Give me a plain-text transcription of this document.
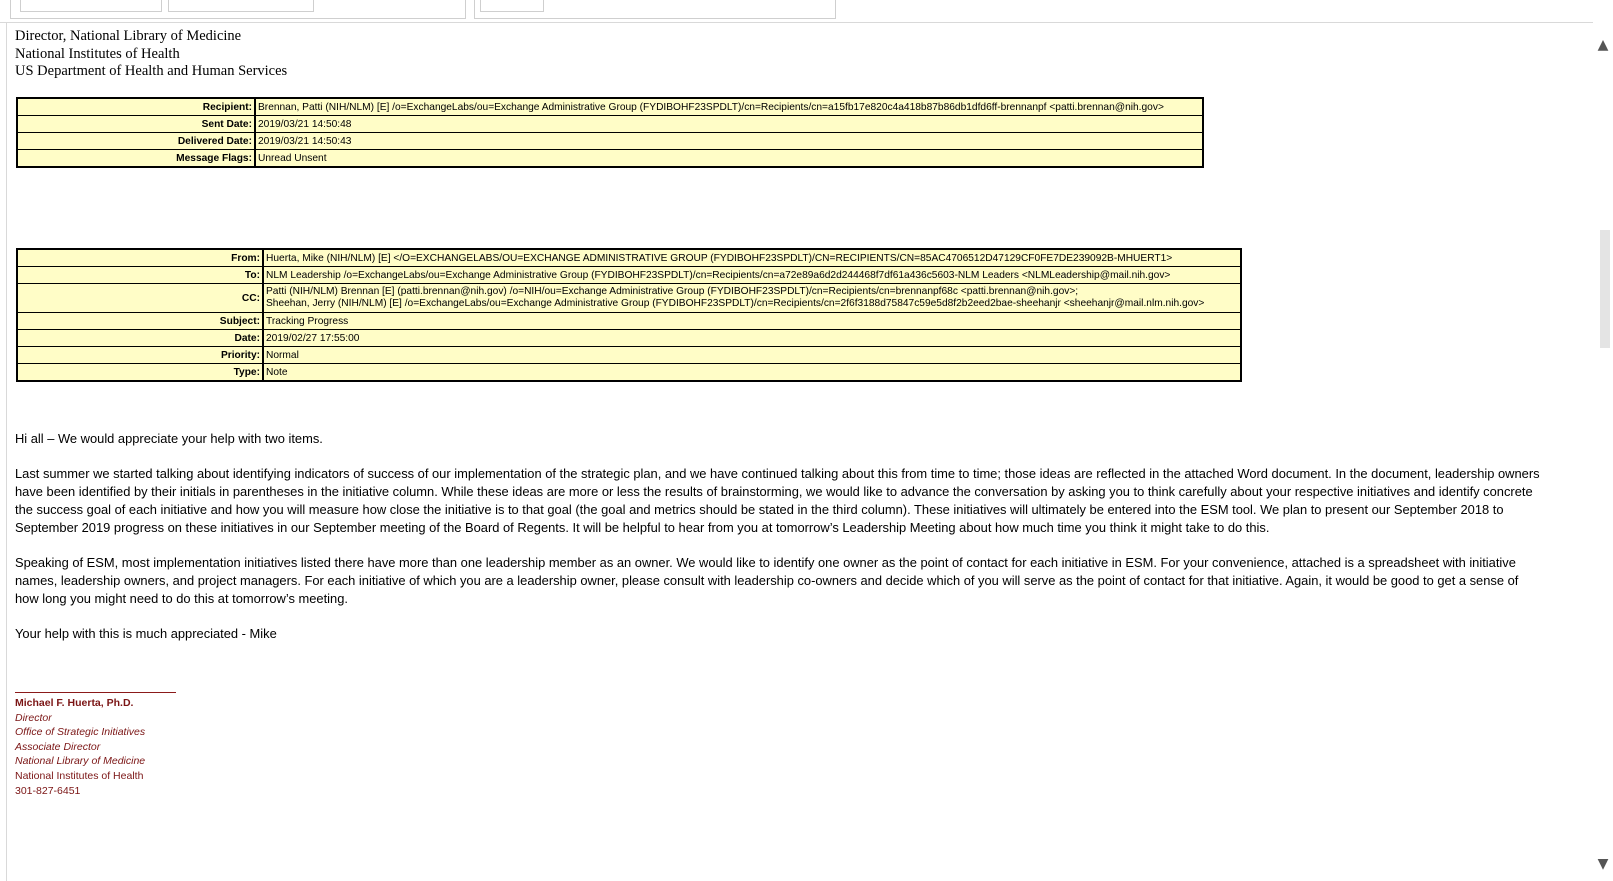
Director, National Library of Medicine
National Institutes of Health
US Department of Health and Human Services
Recipient:	Brennan, Patti (NIH/NLM) [E] /o=ExchangeLabs/ou=Exchange Administrative Group (FYDIBOHF23SPDLT)/cn=Recipients/cn=a15fb17e820c4a418b87b86db1dfd6ff-brennanpf <patti.brennan@nih.gov>
Sent Date:	2019/03/21 14:50:48
Delivered Date:	2019/03/21 14:50:43
Message Flags:	Unread Unsent
From:	Huerta, Mike (NIH/NLM) [E] </O=EXCHANGELABS/OU=EXCHANGE ADMINISTRATIVE GROUP (FYDIBOHF23SPDLT)/CN=RECIPIENTS/CN=85AC4706512D47129CF0FE7DE239092B-MHUERT1>
To:	NLM Leadership /o=ExchangeLabs/ou=Exchange Administrative Group (FYDIBOHF23SPDLT)/cn=Recipients/cn=a72e89a6d2d244468f7df61a436c5603-NLM Leaders <NLMLeadership@mail.nih.gov>
CC:	Patti (NIH/NLM) Brennan [E] (patti.brennan@nih.gov) /o=NIH/ou=Exchange Administrative Group (FYDIBOHF23SPDLT)/cn=Recipients/cn=brennanpf68c <patti.brennan@nih.gov>;
Sheehan, Jerry (NIH/NLM) [E] /o=ExchangeLabs/ou=Exchange Administrative Group (FYDIBOHF23SPDLT)/cn=Recipients/cn=2f6f3188d75847c59e5d8f2b2eed2bae-sheehanjr <sheehanjr@mail.nlm.nih.gov>

Subject:	Tracking Progress
Date:	2019/02/27 17:55:00
Priority:	Normal
Type:	Note

Hi all – We would appreciate your help with two items.

Last summer we started talking about identifying indicators of success of our implementation of the strategic plan, and we have continued talking about this from time to time; those ideas are reflected in the attached Word document. In the document, leadership owners have been identified by their initials in parentheses in the initiative column. While these ideas are more or less the results of brainstorming, we would like to advance the conversation by asking you to think carefully about your respective initiatives and identify concrete the success goal of each initiative and how you will measure how close the initiative is to that goal (the goal and metrics should be stated in the third column). These initiatives will ultimately be entered into the ESM tool. We plan to present our September 2018 to September 2019 progress on these initiatives in our September meeting of the Board of Regents. It will be helpful to hear from you at tomorrow’s Leadership Meeting about how much time you think it might take to do this.

Speaking of ESM, most implementation initiatives listed there have more than one leadership member as an owner. We would like to identify one owner as the point of contact for each initiative in ESM. For your convenience, attached is a spreadsheet with initiative names, leadership owners, and project managers. For each initiative of which you are a leadership owner, please consult with leadership co-owners and decide which of you will serve as the point of contact for that initiative. Again, it would be good to get a sense of how long you might need to do this at tomorrow’s meeting.

Your help with this is much appreciated - Mike

Michael F. Huerta, Ph.D.
Director
Office of Strategic Initiatives
Associate Director
National Library of Medicine
National Institutes of Health
301-827-6451
▲
▼
